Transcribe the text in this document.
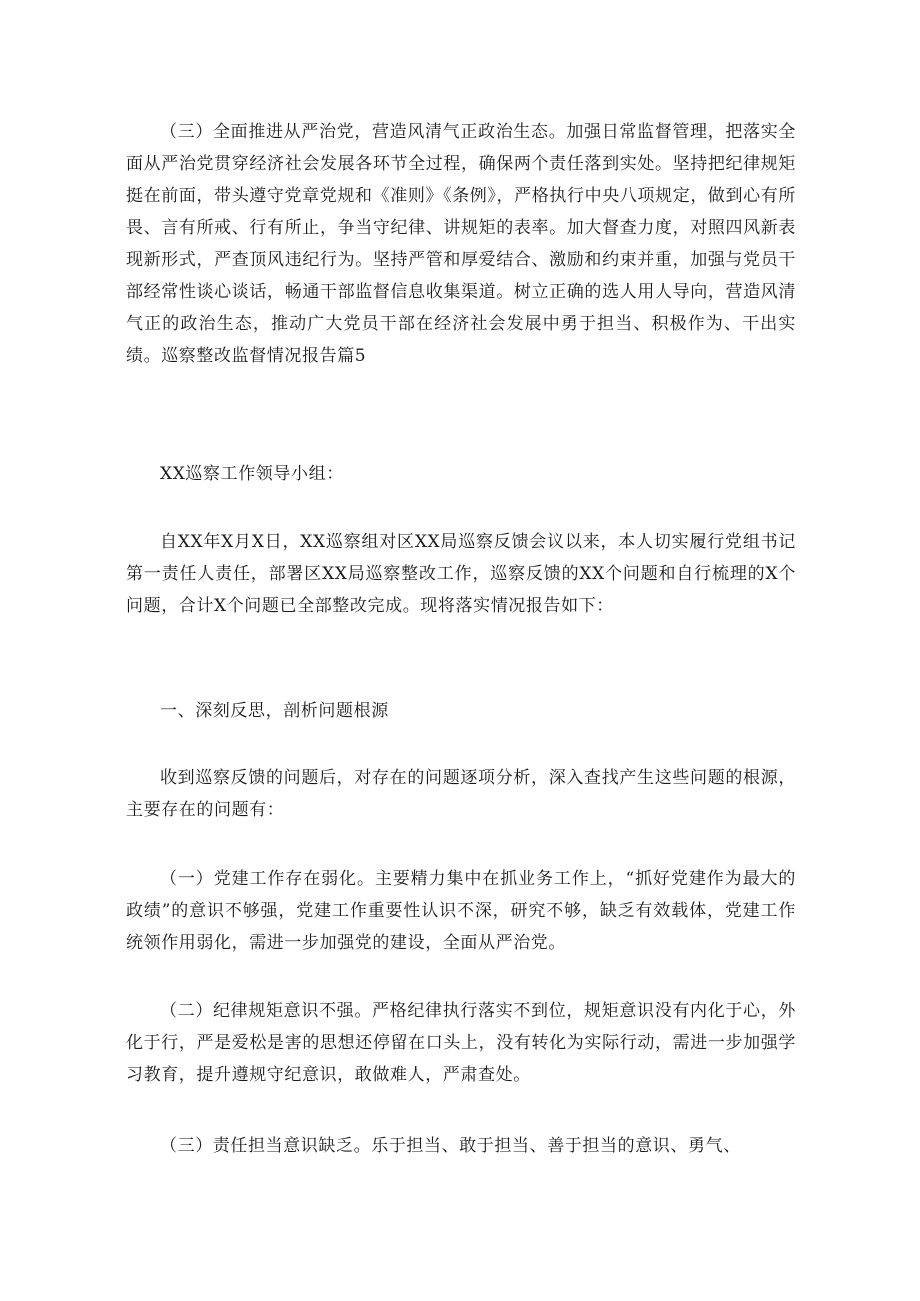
（三）全面推进从严治党，营造风清气正政治生态。加强日常监督管理，把落实全面从严治党贯穿经济社会发展各环节全过程，确保两个责任落到实处。坚持把纪律规矩挺在前面，带头遵守党章党规和《准则》《条例》，严格执行中央八项规定，做到心有所畏、言有所戒、行有所止，争当守纪律、讲规矩的表率。加大督查力度，对照四风新表现新形式，严查顶风违纪行为。坚持严管和厚爱结合、激励和约束并重，加强与党员干部经常性谈心谈话，畅通干部监督信息收集渠道。树立正确的选人用人导向，营造风清气正的政治生态，推动广大党员干部在经济社会发展中勇于担当、积极作为、干出实绩。巡察整改监督情况报告篇5

XX巡察工作领导小组：

自XX年X月X日，XX巡察组对区XX局巡察反馈会议以来，本人切实履行党组书记第一责任人责任，部署区XX局巡察整改工作，巡察反馈的XX个问题和自行梳理的X个问题，合计X个问题已全部整改完成。现将落实情况报告如下：

一、深刻反思，剖析问题根源

收到巡察反馈的问题后，对存在的问题逐项分析，深入查找产生这些问题的根源，主要存在的问题有：

（一）党建工作存在弱化。主要精力集中在抓业务工作上，“抓好党建作为最大的政绩”的意识不够强，党建工作重要性认识不深，研究不够，缺乏有效载体，党建工作统领作用弱化，需进一步加强党的建设，全面从严治党。

（二）纪律规矩意识不强。严格纪律执行落实不到位，规矩意识没有内化于心，外化于行，严是爱松是害的思想还停留在口头上，没有转化为实际行动，需进一步加强学习教育，提升遵规守纪意识，敢做难人，严肃查处。

（三）责任担当意识缺乏。乐于担当、敢于担当、善于担当的意识、勇气、
